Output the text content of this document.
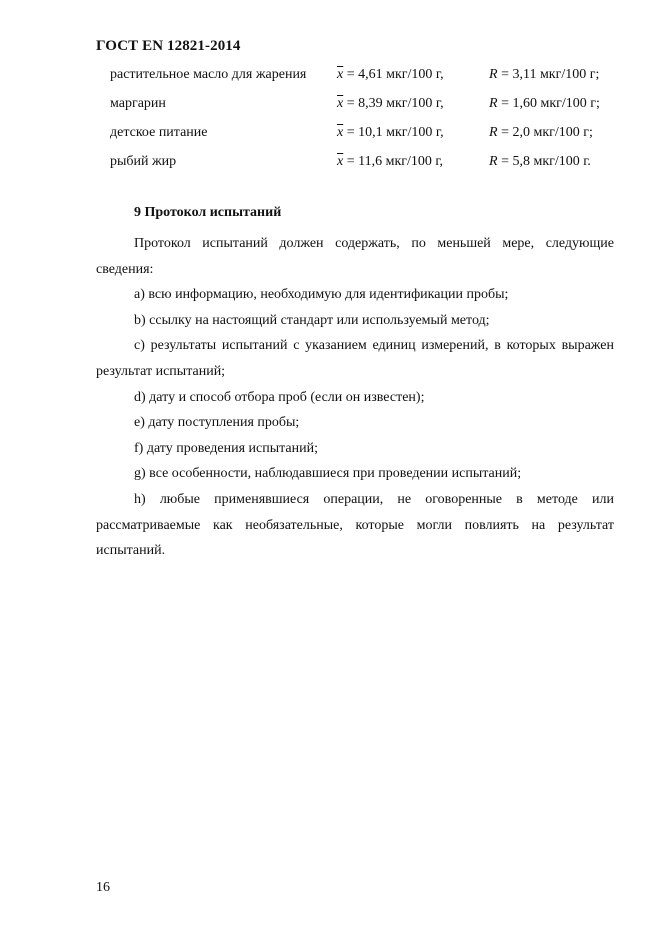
ГОСТ EN 12821-2014
растительное масло для жарения $\overline{x} = 4,61$ мкг/100 г,	R = 3,11 мкг/100 г;
маргарин	$\overline{x} = 8,39$ мкг/100 г,	R = 1,60 мкг/100 г;
детское питание	$\overline{x} = 10,1$ мкг/100 г,	R = 2,0 мкг/100 г;
рыбий жир	$\overline{x} = 11,6$ мкг/100 г,	R = 5,8 мкг/100 г.
9 Протокол испытаний

Протокол испытаний должен содержать, по меньшей мере, следующие сведения:

a) всю информацию, необходимую для идентификации пробы;

b) ссылку на настоящий стандарт или используемый метод;

c) результаты испытаний с указанием единиц измерений, в которых выражен результат испытаний;

d) дату и способ отбора проб (если он известен);

e) дату поступления пробы;

f) дату проведения испытаний;

g) все особенности, наблюдавшиеся при проведении испытаний;

h) любые применявшиеся операции, не оговоренные в методе или рассматриваемые как необязательные, которые могли повлиять на результат испытаний.

16
